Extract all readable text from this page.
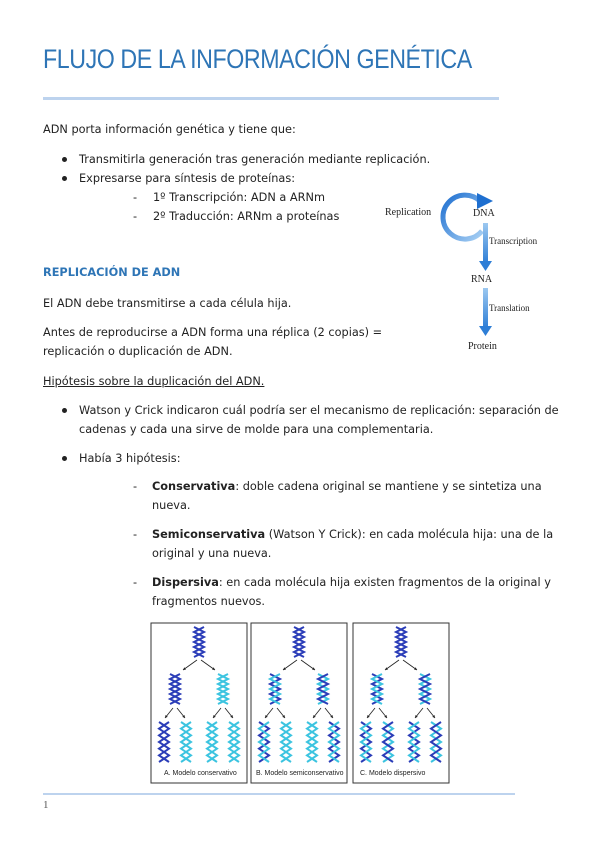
FLUJO DE LA INFORMACIÓN GENÉTICA
ADN porta información genética y tiene que:
Transmitirla generación tras generación mediante replicación.
Expresarse para síntesis de proteínas:
- 1º Transcripción: ADN a ARNm
- 2º Traducción: ARNm a proteínas	Replication	DNA
Transcription
RNA
Translation
Protein
REPLICACIÓN DE ADN
El ADN debe transmitirse a cada célula hija.
Antes de reproducirse a ADN forma una réplica (2 copias) =
replicación o duplicación de ADN.
Hipótesis sobre la duplicación del ADN.
Watson y Crick indicaron cuál podría ser el mecanismo de replicación: separación de
cadenas y cada una sirve de molde para una complementaria.
Había 3 hipótesis:
- Conservativa: doble cadena original se mantiene y se sintetiza una
nueva.
- Semiconservativa (Watson Y Crick): en cada molécula hija: una de la
original y una nueva.
- Dispersiva: en cada molécula hija existen fragmentos de la original y
fragmentos nuevos.
A. Modelo conservativo	B. Modelo semiconservativo C. Modelo dispersivo
1
